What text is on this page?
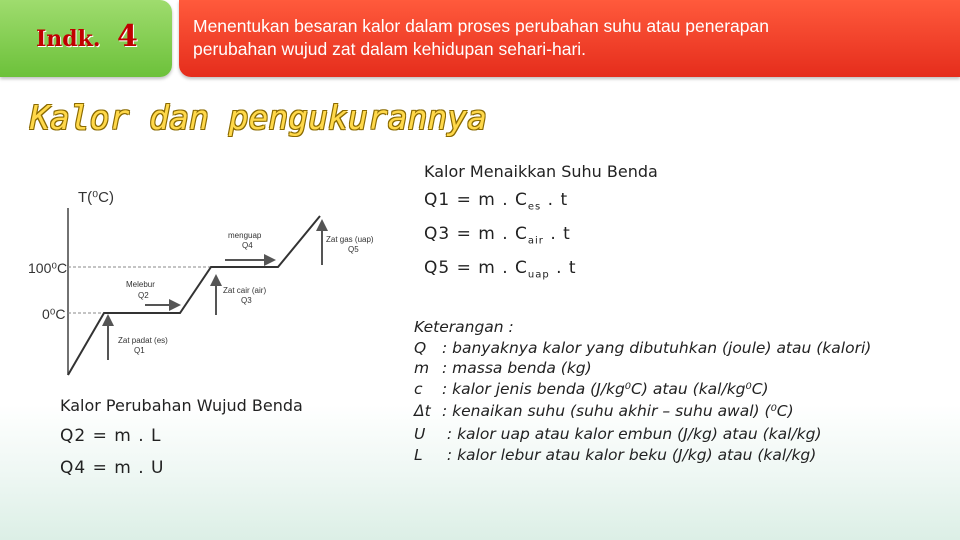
Indk. 4	Menentukan besaran kalor dalam proses perubahan suhu atau penerapan
perubahan wujud zat dalam kehidupan sehari-hari.
Kalor dan pengukurannya
T(⁰C)
100⁰C
0⁰C
Zat padat (es)
Q1
Melebur
Q2
Zat cair (air)
Q3
menguap
Q4
Zat gas (uap)
Q5
Kalor Menaikkan Suhu Benda
Q1 = m . $C_{es}$ . t
Q3 = m . $C_{air}$ . t
Q5 = m . $C_{uap}$ . t
Kalor Perubahan Wujud Benda
Q2 = m . L
Q4 = m . U
Keterangan :
Q : banyaknya kalor yang dibutuhkan (joule) atau (kalori)
m : massa benda (kg)
c : kalor jenis benda (J/kg⁰C) atau (kal/kg⁰C)
Δt : kenaikan suhu (suhu akhir – suhu awal) (⁰C)
U : kalor uap atau kalor embun (J/kg) atau (kal/kg)
L : kalor lebur atau kalor beku (J/kg) atau (kal/kg)
